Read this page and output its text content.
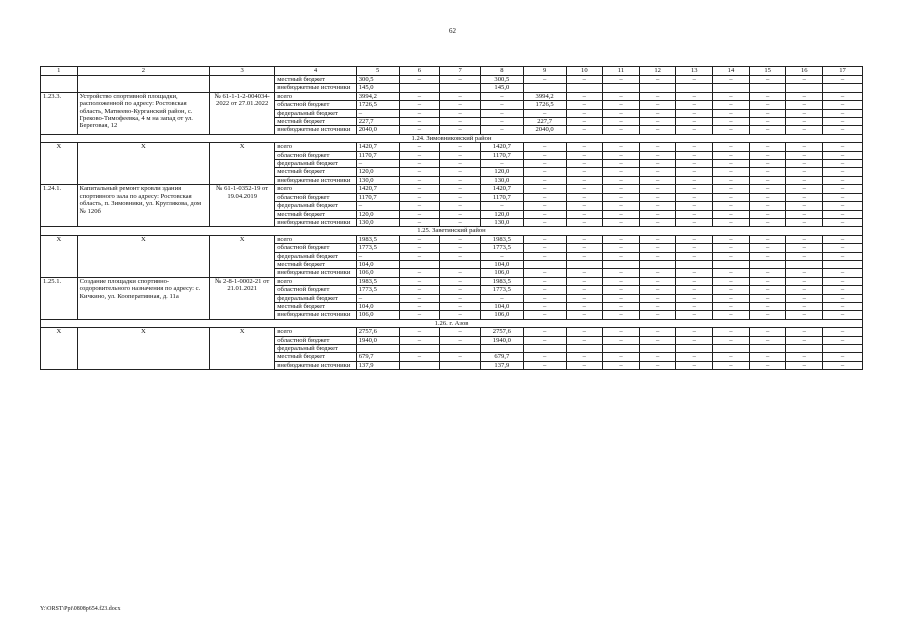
62
1	2	3	4	5	6	7	8	9	10	11	12	13	14	15	16	17
			местный бюджет	300,5	–	–	300,5	–	–	–	–	–	–	–	–	–
			внебюджетные источники	145,0			145,0									
1.23.3.	Устройство спортивной площадки, расположенной по адресу: Ростовская область, Матвеево-Курганский район, с. Греково-Тимофеевка, 4 м на запад от ул. Береговая, 12	№ 61-1-1-2-004034-2022 от 27.01.2022	всего	3994,2	–	–	–	3994,2	–	–	–	–	–	–	–	–
			областной бюджет	1726,5	–	–	–	1726,5	–	–	–	–	–	–	–	–
			федеральный бюджет	–	–	–	–	–	–	–	–	–	–	–	–	–
			местный бюджет	227,7	–	–	–	227,7	–	–	–	–	–	–	–	–
			внебюджетные источники	2040,0	–	–	–	2040,0	–	–	–	–	–	–	–	–
1.24. Зимовниковский район																
Х	Х	Х	всего	1420,7	–	–	1420,7	–	–	–	–	–	–	–	–	–
			областной бюджет	1170,7	–	–	1170,7	–	–	–	–	–	–	–	–	–
			федеральный бюджет	–	–	–	–	–	–	–	–	–	–	–	–	–
			местный бюджет	120,0	–	–	120,0	–	–	–	–	–	–	–	–	–
			внебюджетные источники	130,0	–	–	130,0	–	–	–	–	–	–	–	–	–
1.24.1.	Капитальный ремонт кровли здания спортивного зала по адресу: Ростовская область, п. Зимовники, ул. Круглякова, дом № 120б	№ 61-1-0352-19 от 19.04.2019	всего	1420,7	–	–	1420,7	–	–	–	–	–	–	–	–	–
			областной бюджет	1170,7	–	–	1170,7	–	–	–	–	–	–	–	–	–
			федеральный бюджет	–	–	–	–	–	–	–	–	–	–	–	–	–
			местный бюджет	120,0	–	–	120,0	–	–	–	–	–	–	–	–	–
			внебюджетные источники	130,0	–	–	130,0	–	–	–	–	–	–	–	–	–
1.25. Заветинский район																
Х	Х	Х	всего	1983,5	–	–	1983,5	–	–	–	–	–	–	–	–	–
			областной бюджет	1773,5	–	–	1773,5	–	–	–	–	–	–	–	–	–
			федеральный бюджет	–	–	–	–	–	–	–	–	–	–	–	–	–
			местный бюджет	104,0			104,0									
			внебюджетные источники	106,0	–	–	106,0	–	–	–	–	–	–	–	–	–
1.25.1.	Создание площадки спортивно-оздоровительного назначения по адресу: с. Кичкино, ул. Кооперативная, д. 11а	№ 2-8-1-0002-21 от 21.01.2021	всего	1983,5	–	–	1983,5	–	–	–	–	–	–	–	–	–
			областной бюджет	1773,5	–	–	1773,5	–	–	–	–	–	–	–	–	–
			федеральный бюджет	–	–	–	–	–	–	–	–	–	–	–	–	–
			местный бюджет	104,0	–	–	104,0	–	–	–	–	–	–	–	–	–
			внебюджетные источники	106,0	–	–	106,0	–	–	–	–	–	–	–	–	–
1.26. г. Азов																
Х	Х	Х	всего	2757,6	–	–	2757,6	–	–	–	–	–	–	–	–	–
			областной бюджет	1940,0	–	–	1940,0	–	–	–	–	–	–	–	–	–
			федеральный бюджет													
			местный бюджет	679,7	–	–	679,7	–	–	–	–	–	–	–	–	–
			внебюджетные источники	137,9			137,9	–	–	–	–	–	–	–	–	–
Y:\ORST\Ppi\0808p654.f23.docx
